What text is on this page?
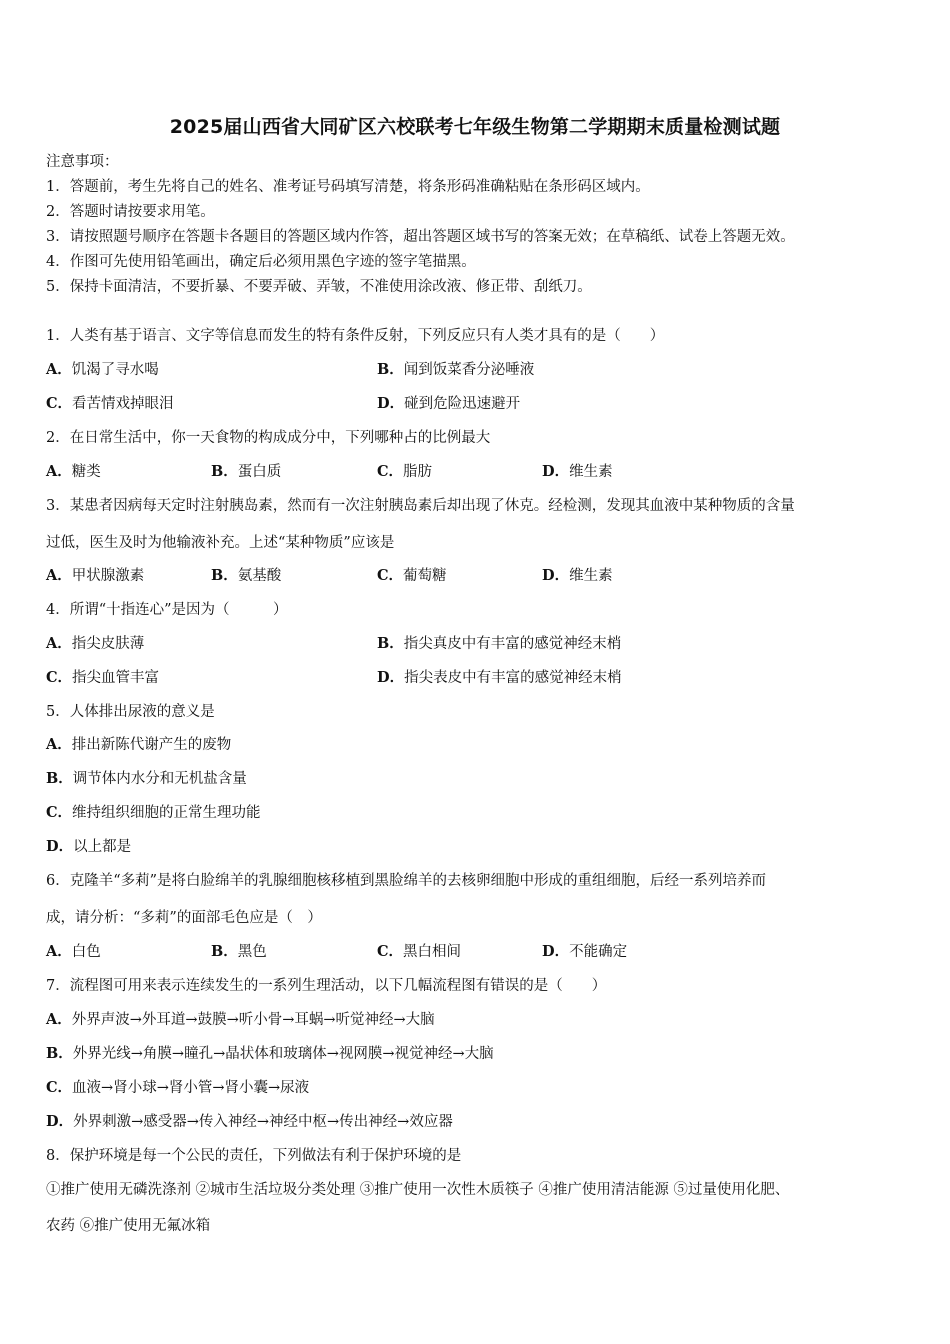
2025届山西省大同矿区六校联考七年级生物第二学期期末质量检测试题
注意事项：
1．答题前，考生先将自己的姓名、准考证号码填写清楚，将条形码准确粘贴在条形码区域内。
2．答题时请按要求用笔。
3．请按照题号顺序在答题卡各题目的答题区域内作答，超出答题区域书写的答案无效；在草稿纸、试卷上答题无效。
4．作图可先使用铅笔画出，确定后必须用黑色字迹的签字笔描黑。
5．保持卡面清洁，不要折暴、不要弄破、弄皱，不准使用涂改液、修正带、刮纸刀。
1．人类有基于语言、文字等信息而发生的特有条件反射，下列反应只有人类才具有的是（　　）
A．饥渴了寻水喝	B．闻到饭菜香分泌唾液
C．看苦情戏掉眼泪	D．碰到危险迅速避开
2．在日常生活中，你一天食物的构成成分中，下列哪种占的比例最大
A．糖类	B．蛋白质	C．脂肪	D．维生素
3．某患者因病每天定时注射胰岛素，然而有一次注射胰岛素后却出现了休克。经检测，发现其血液中某种物质的含量
过低，医生及时为他输液补充。上述“某种物质”应该是
A．甲状腺激素	B．氨基酸	C．葡萄糖	D．维生素
4．所谓“十指连心”是因为（　　　）
A．指尖皮肤薄	B．指尖真皮中有丰富的感觉神经末梢
C．指尖血管丰富	D．指尖表皮中有丰富的感觉神经末梢
5．人体排出尿液的意义是
A．排出新陈代谢产生的废物
B．调节体内水分和无机盐含量
C．维持组织细胞的正常生理功能
D．以上都是
6．克隆羊“多莉”是将白脸绵羊的乳腺细胞核移植到黑脸绵羊的去核卵细胞中形成的重组细胞，后经一系列培养而
成，请分析：“多莉”的面部毛色应是（　）
A．白色	B．黑色	C．黑白相间	D．不能确定
7．流程图可用来表示连续发生的一系列生理活动，以下几幅流程图有错误的是（　　）
A．外界声波→外耳道→鼓膜→听小骨→耳蜗→听觉神经→大脑
B．外界光线→角膜→瞳孔→晶状体和玻璃体→视网膜→视觉神经→大脑
C．血液→肾小球→肾小管→肾小囊→尿液
D．外界刺激→感受器→传入神经→神经中枢→传出神经→效应器
8．保护环境是每一个公民的责任，下列做法有利于保护环境的是
①推广使用无磷洗涤剂 ②城市生活垃圾分类处理 ③推广使用一次性木质筷子 ④推广使用清洁能源 ⑤过量使用化肥、
农药 ⑥推广使用无氟冰箱
